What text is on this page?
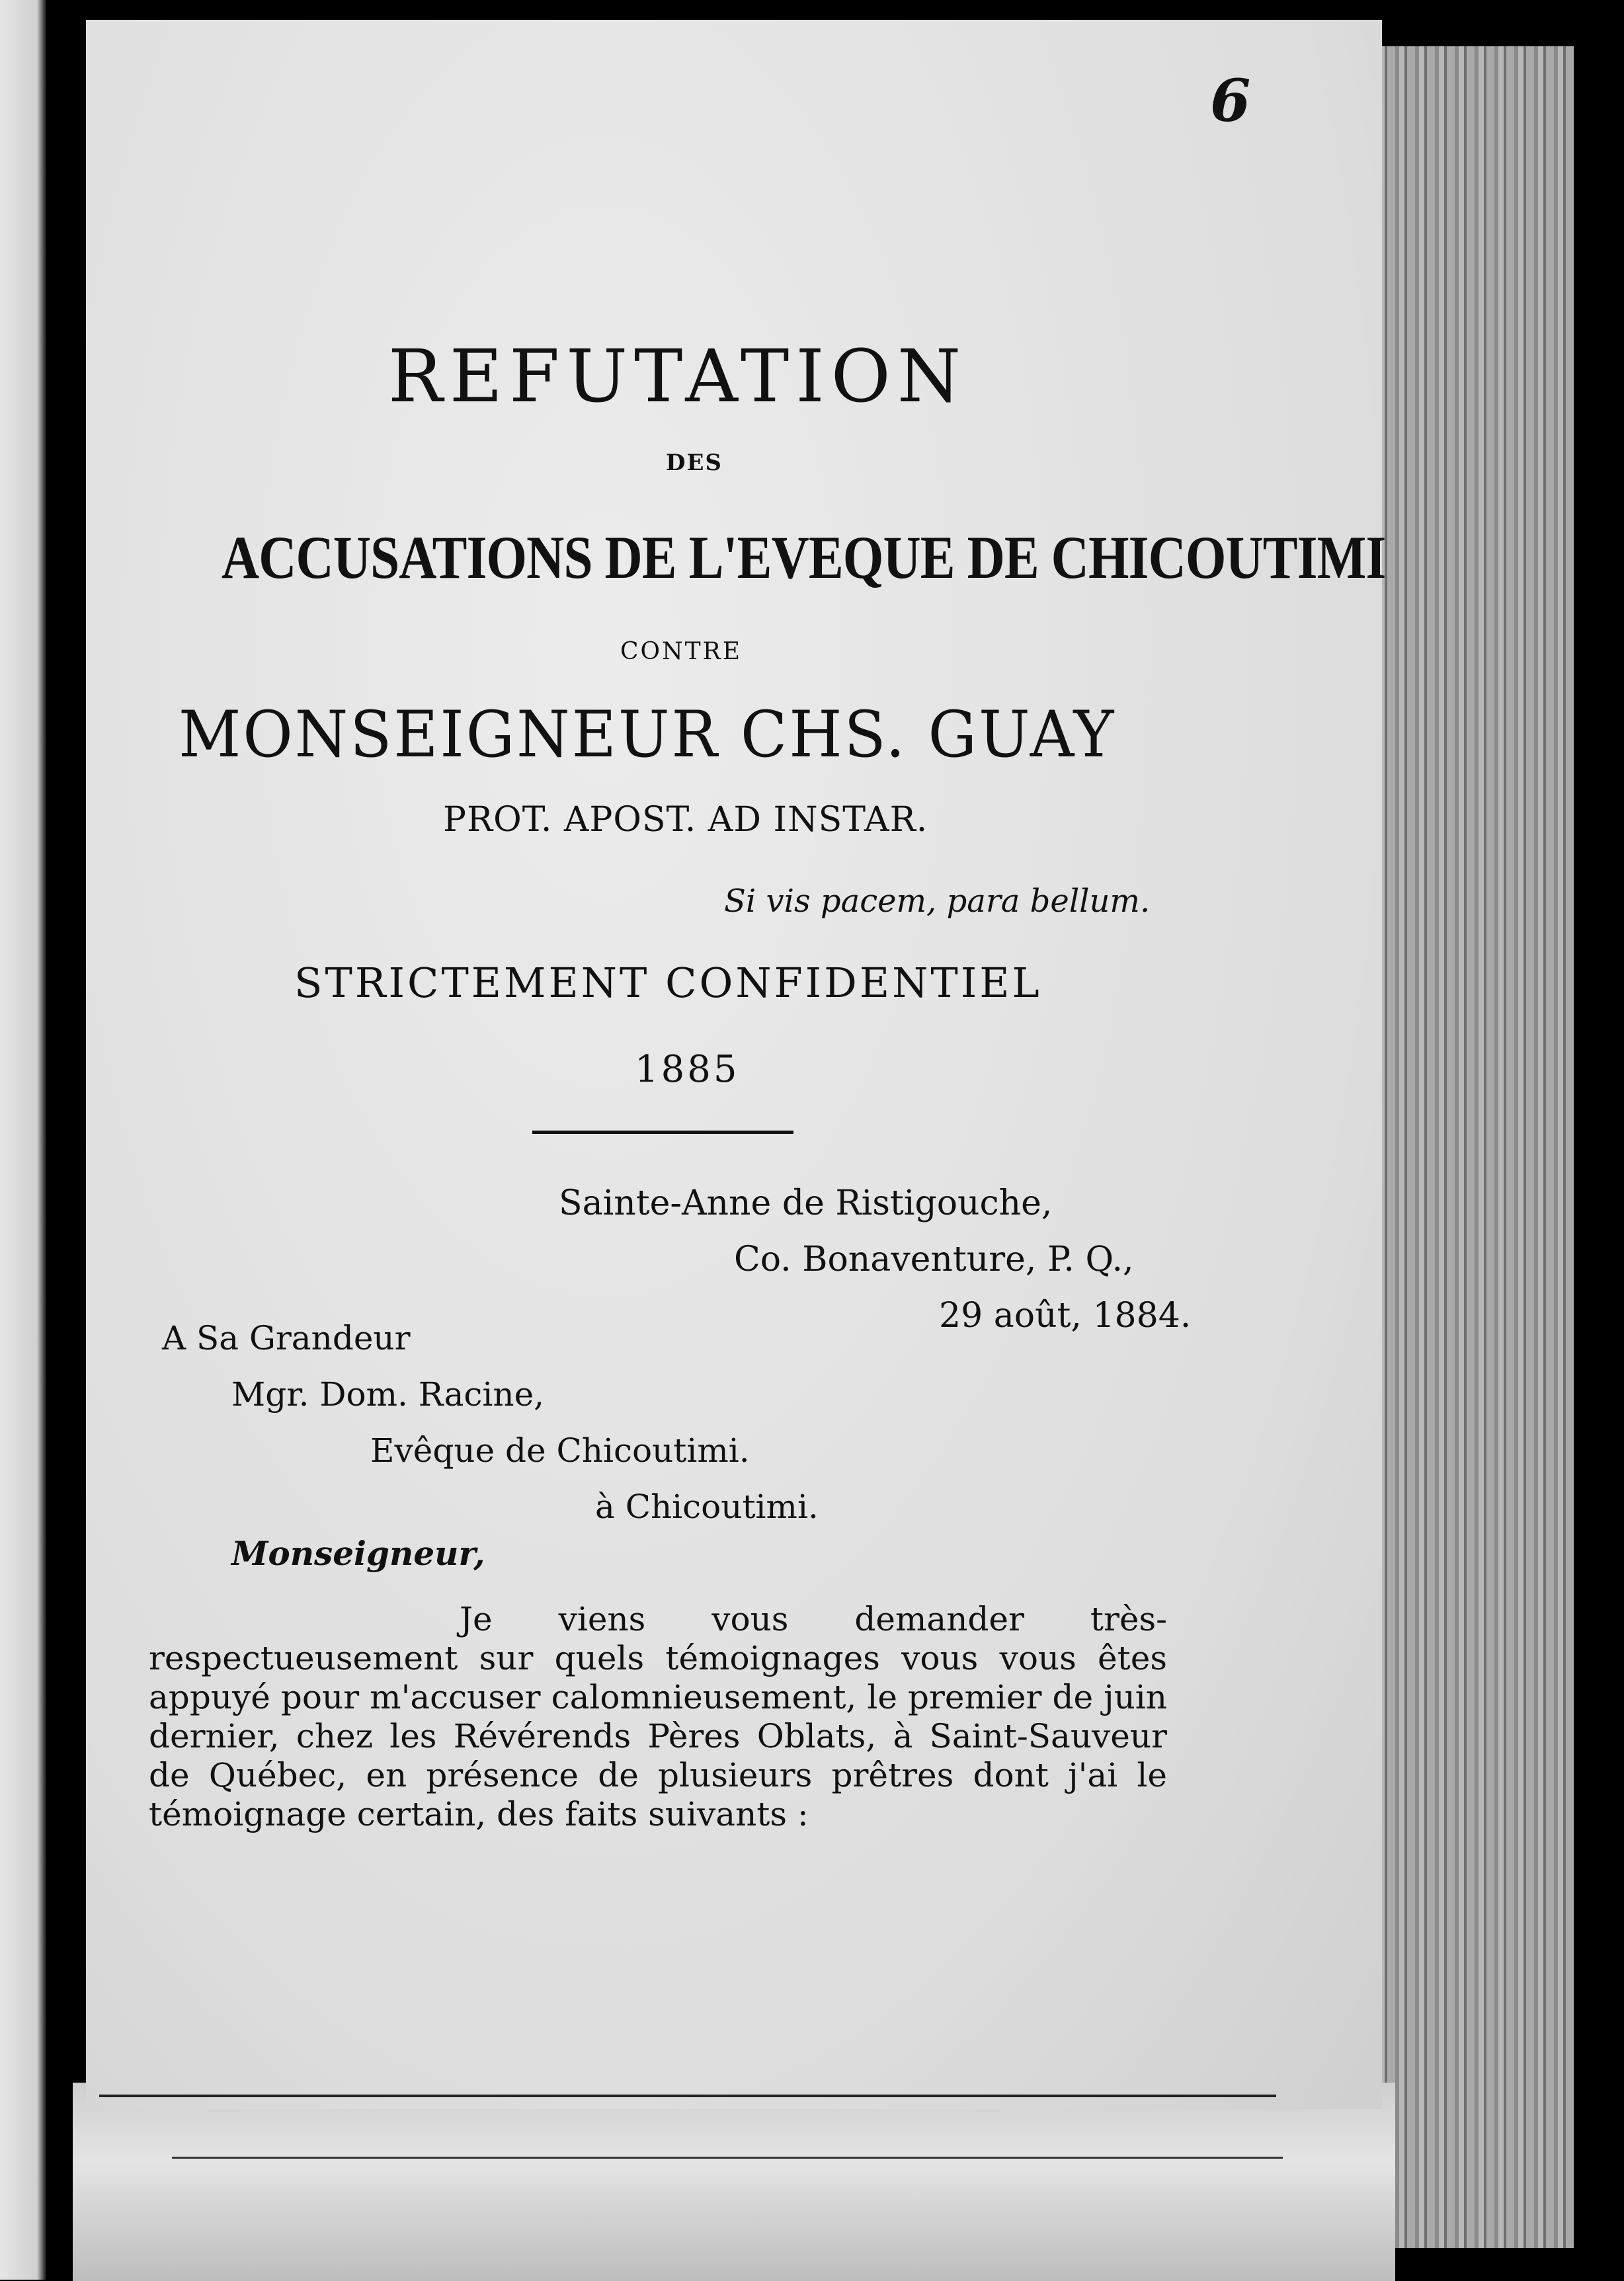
6
REFUTATION
DES
ACCUSATIONS DE L'EVEQUE DE CHICOUTIMI
CONTRE
MONSEIGNEUR CHS. GUAY
PROT. APOST. AD INSTAR.
Si vis pacem, para bellum.
STRICTEMENT CONFIDENTIEL
1885
Sainte-Anne de Ristigouche,
Co. Bonaventure, P. Q.,
29 août, 1884.
A Sa Grandeur
Mgr. Dom. Racine,
Evêque de Chicoutimi.
à Chicoutimi.
Monseigneur,

Je viens vous demander très-respectueusement sur quels témoignages vous vous êtes appuyé pour m'accuser calomnieusement, le premier de juin dernier, chez les Révérends Pères Oblats, à Saint-Sauveur de Québec, en présence de plusieurs prêtres dont j'ai le témoignage certain, des faits suivants :
